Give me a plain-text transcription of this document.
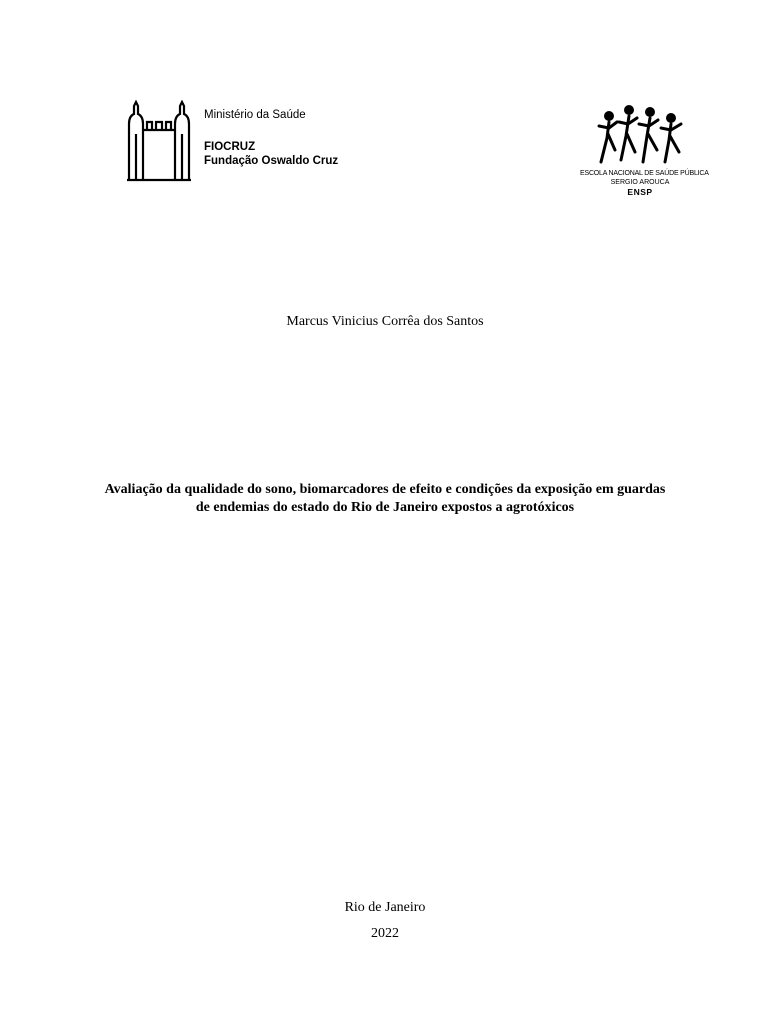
Ministério da Saúde
FIOCRUZ
Fundação Oswaldo Cruz
ESCOLA NACIONAL DE SAÚDE PÚBLICA
SERGIO AROUCA
ENSP
Marcus Vinicius Corrêa dos Santos
Avaliação da qualidade do sono, biomarcadores de efeito e condições da exposição em guardas de endemias do estado do Rio de Janeiro expostos a agrotóxicos
Rio de Janeiro
2022
